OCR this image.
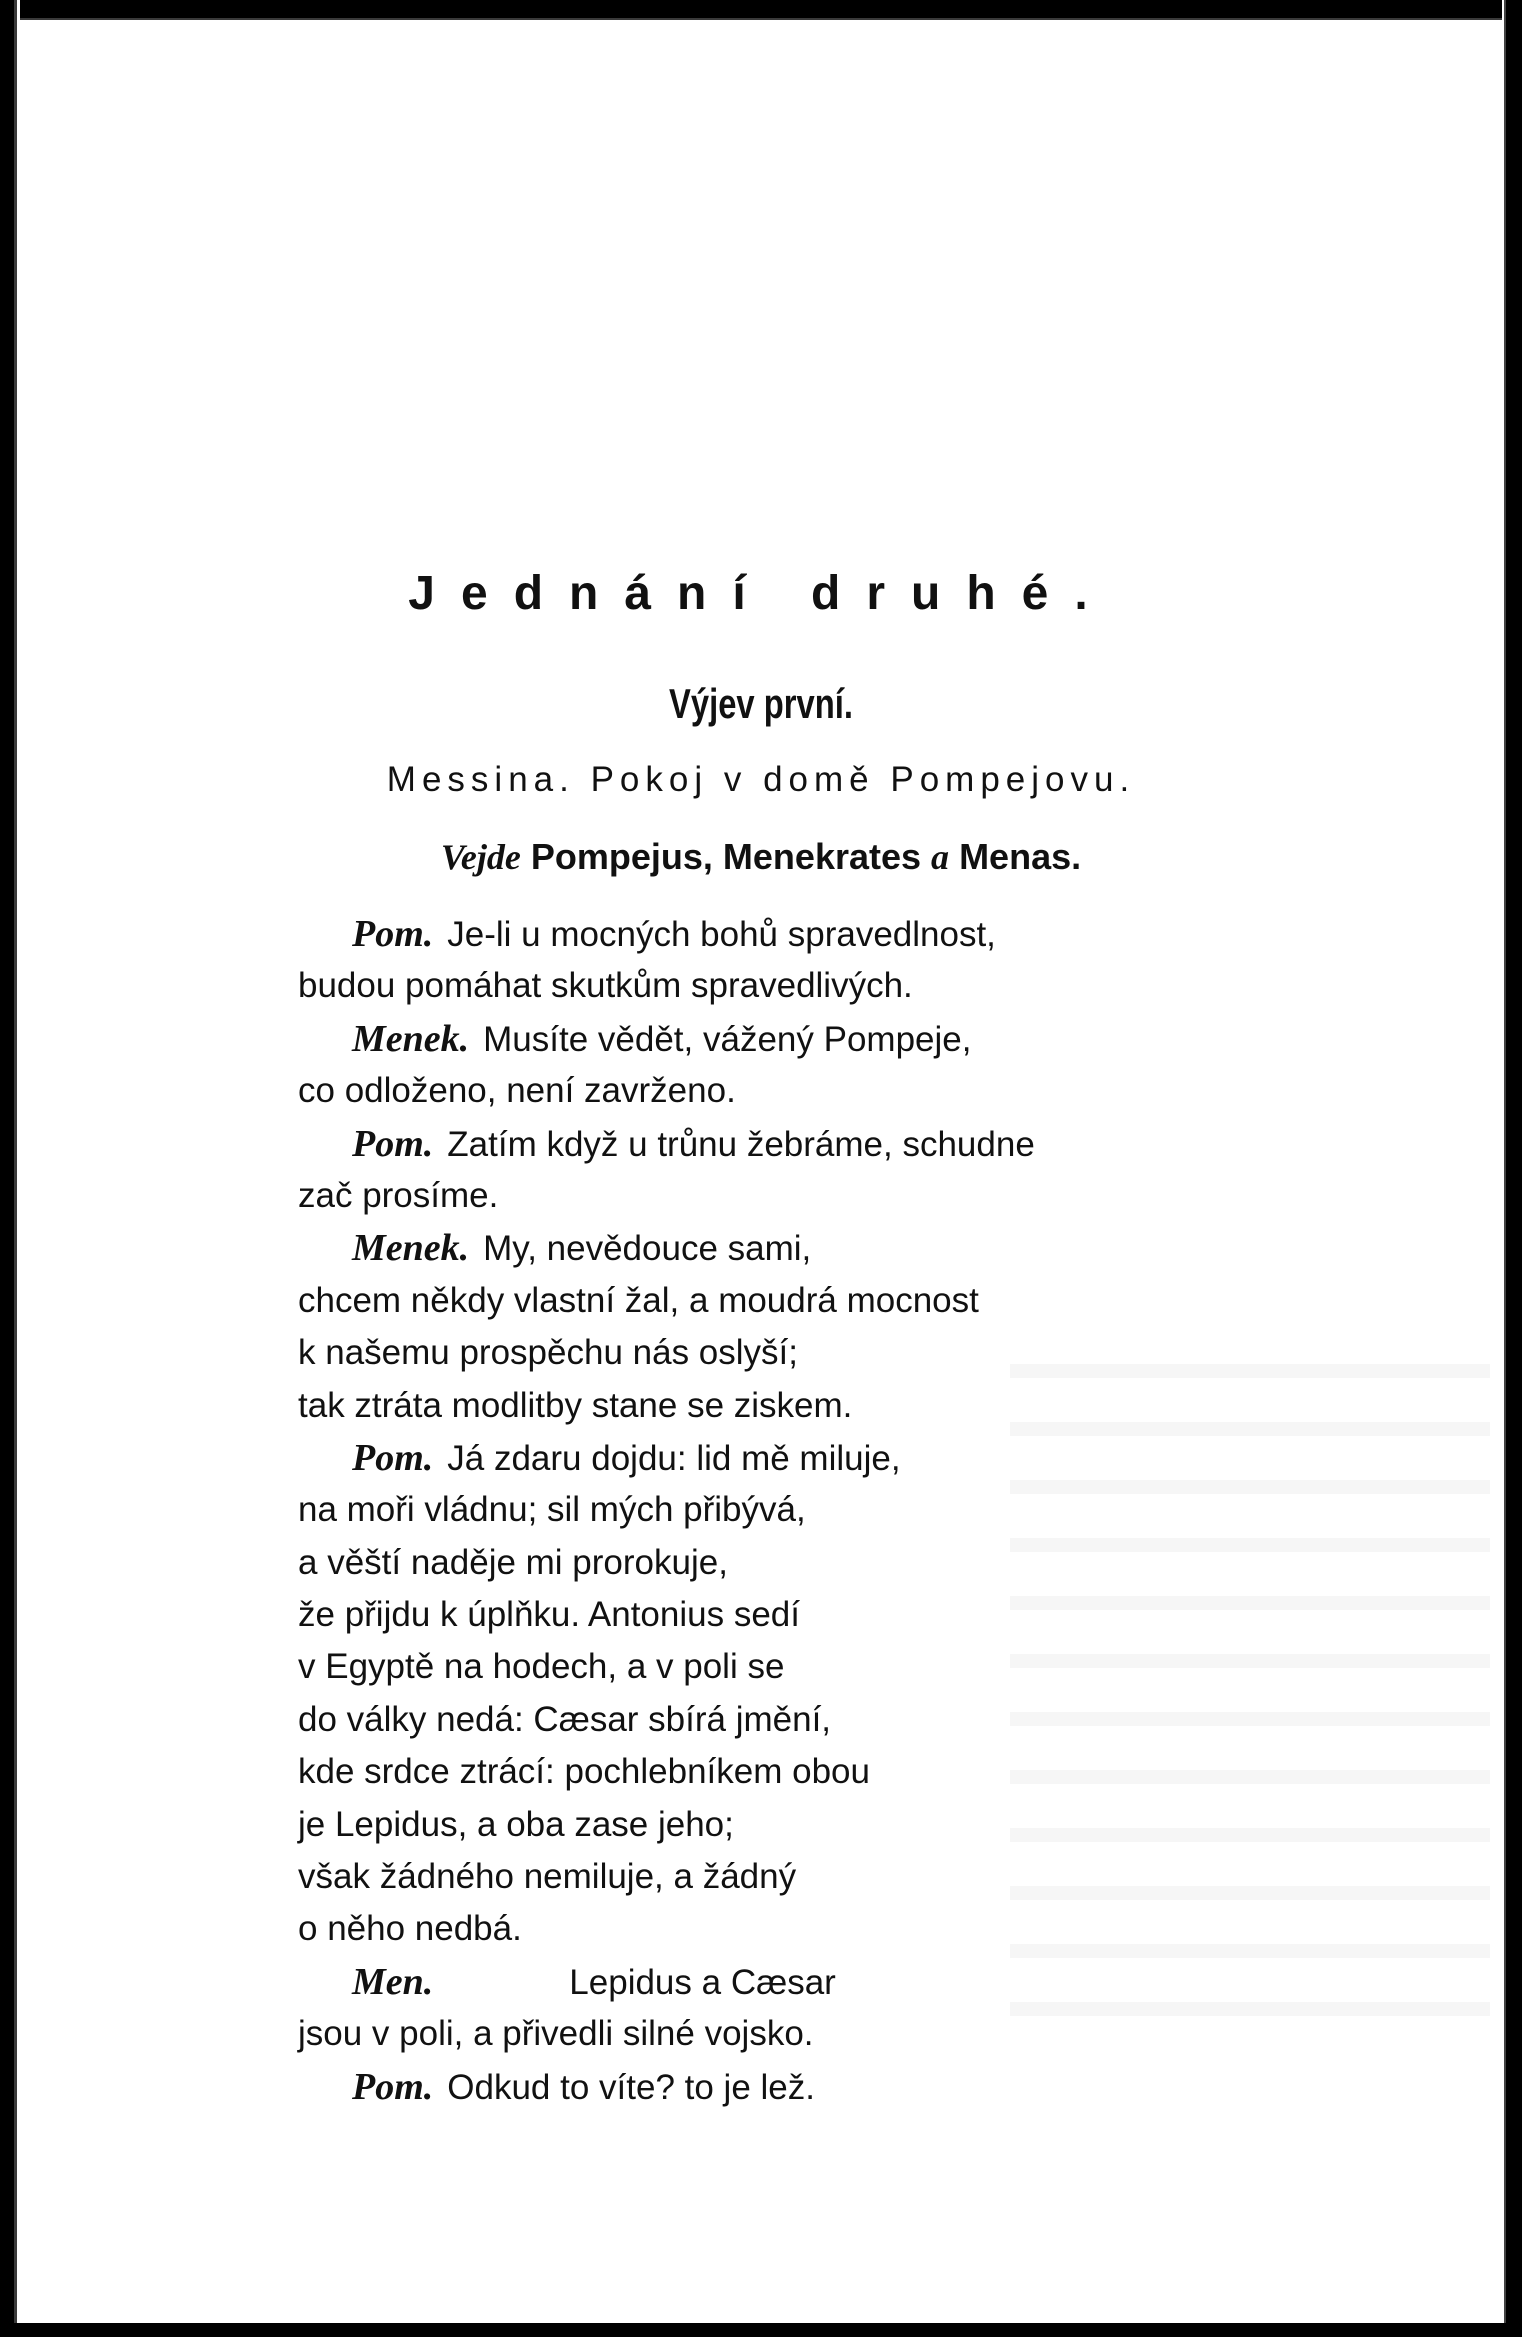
Jednání druhé.
Výjev první.

Messina. Pokoj v domě Pompejovu.

Vejde Pompejus, Menekrates a Menas.

Pom. Je-li u mocných bohů spravedlnost,
budou pomáhat skutkům spravedlivých.
Menek. Musíte vědět, vážený Pompeje,
co odloženo, není zavrženo.
Pom. Zatím když u trůnu žebráme, schudne
zač prosíme.
Menek. My, nevědouce sami,
chcem někdy vlastní žal, a moudrá mocnost
k našemu prospěchu nás oslyší;
tak ztráta modlitby stane se ziskem.
Pom. Já zdaru dojdu: lid mě miluje,
na moři vládnu; sil mých přibývá,
a věští naděje mi prorokuje,
že přijdu k úplňku. Antonius sedí
v Egyptě na hodech, a v poli se
do války nedá: Cæsar sbírá jmění,
kde srdce ztrácí: pochlebníkem obou
je Lepidus, a oba zase jeho;
však žádného nemiluje, a žádný
o něho nedbá.
Men.	Lepidus a Cæsar
jsou v poli, a přivedli silné vojsko.
Pom. Odkud to víte? to je lež.
